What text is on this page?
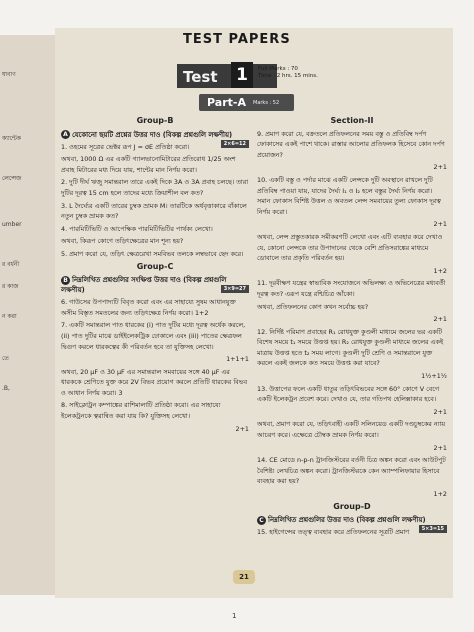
ষাবাণ
ক্যান্টেক
লেন্সেজ
umber
র বর্ধনী
র কাজ
ন করা
তে
.B,
TEST PAPERS
Test 1	Full Marks : 70
Time : 2 hrs. 15 mins.
Part-A Marks : 52
Group-B
A যেকোনো ছয়টি প্রশ্নের উত্তর দাও (বিকল্প প্রশ্নগুলি লক্ষণীয়)
2×6=12

1. ওহমের সূত্রের ভেক্টর রূপ J = σE প্রতিষ্ঠা করো।

অথবা, 1000 Ω এর একটি গ্যালভানোমিটারের প্রতিরোধ 1/25 অংশ প্রবাহ মিটারের মধ্য দিয়ে যায়, শান্টের মান নির্ণয় করো।

2. দুটি দীর্ঘ ঋজু সমান্তরাল তারে একই দিকে 3A ও 3A প্রবাহ চলছে। তারা দুটির দূরত্ব 15 cm হলে তাদের মধ্যে ক্রিয়াশীল বল কত?

3. L দৈর্ঘ্যের একটি তারের চুম্বক ভ্রামক M। তারটিকে অর্ধবৃত্তাকারে বাঁকালে নতুন চুম্বক ভ্রামক কত?

4. পারমিটিভিটি ও আপেক্ষিক পারমিটিভিটির পার্থক্য লেখো।

অথবা, কিরূপ কোণে তড়িৎক্ষেত্রের মান শূন্য হয়?

5. প্রমাণ করো যে, তড়িৎ ক্ষেত্ররেখা সমবিভব তলকে লম্বভাবে ছেদ করে।

Group-C
B নিম্নলিখিত প্রশ্নগুলির সংক্ষিপ্ত উত্তর দাও (বিকল্প প্রশ্নগুলি লক্ষণীয়)	3×9=27

6. গাউসের উপপাদ্যটি বিবৃত করো এবং এর সাহায্যে সুষম আধানযুক্ত অসীম বিস্তৃত সমতলের জন্য তড়িৎক্ষেত্র নির্ণয় করো। 1+2

7. একটি সমান্তরাল পাত ধারকের (i) পাত দুটির মধ্যে দূরত্ব অর্ধেক করলে, (ii) পাত দুটির মাঝে ডাইইলেকট্রিক ঢোকালে এবং (iii) পাতের ক্ষেত্রফল দ্বিগুণ করলে ধারকত্বের কী পরিবর্তন হবে তা যুক্তিসহ লেখো।

1+1+1

অথবা, 20 μF ও 30 μF এর সমান্তরাল সমবায়ের সঙ্গে 40 μF এর ধারককে শ্রেণিতে যুক্ত করে 2V বিভব প্রয়োগ করলে প্রতিটি ধারকের বিভব ও আধান নির্ণয় করো। 3

8. সাইক্লোট্রন কম্পাঙ্কের রাশিমালাটি প্রতিষ্ঠা করো। এর সাহায্যে ইলেকট্রনকে ত্বরান্বিত করা যায় কি? যুক্তিসহ লেখো।

2+1

21
Section-II

9. প্রমাণ করো যে, বক্রতলে প্রতিফলনের সময় বস্তু ও প্রতিবিম্ব দর্পণ ফোকাসের একই পাশে থাকে। রাস্তার আলোর প্রতিফলক হিসেবে কোন দর্পণ প্রয়োজন?

2+1

10. একটি বস্তু ও পর্দার মাঝে একটি লেন্সকে দুটি অবস্থানে রাখলে দুটি প্রতিবিম্ব পাওয়া যায়, যাদের দৈর্ঘ্য I₁ ও I₂ হলে বস্তুর দৈর্ঘ্য নির্ণয় করো। সমান ফোকাস বিশিষ্ট উত্তল ও অবতল লেন্স সমবায়ের তুল্য ফোকাস দূরত্ব নির্ণয় করো।

2+1

অথবা, লেন্স প্রস্তুতকারক সমীকরণটি লেখো এবং এটি ব্যবহার করে দেখাও যে, কোনো লেন্সকে তার উপাদানের থেকে বেশি প্রতিসরাঙ্কের মাধ্যমে ডোবালে তার প্রকৃতি পরিবর্তন হয়।

1+2

11. দূরবীক্ষণ যন্ত্রের স্বাভাবিক সংযোজনে অভিলক্ষ্য ও অভিনেত্রের মধ্যবর্তী দূরত্ব কত? এরূপ যন্ত্রে রশ্মিচিত্র আঁকো।

অথবা, প্রতিফলনের কোণ কখন সর্বোচ্চ হয়?

2+1

12. নির্দিষ্ট পরিমাণ প্রবাহের R₁ রোধযুক্ত কুণ্ডলী মাধ্যমে জলের ভর একটি বিশেষ সময়ে t₁ সময়ে উত্তপ্ত হয়। R₂ রোধযুক্ত কুণ্ডলী মাধ্যমে জলের একই মাত্রায় উত্তপ্ত হতে t₂ সময় লাগে। কুণ্ডলী দুটি শ্রেণি ও সমান্তরালে যুক্ত করলে একই জলকে কত সময়ে উত্তপ্ত করা যাবে?

1½+1½

13. উত্তাপের ফলে একটি ধাতুর তড়িৎবিভবের সঙ্গে 60° কোণে V বেগে একটি ইলেকট্রন প্রবেশ করে। দেখাও যে, তার গতিপথ হেলিক্সাকার হবে।

2+1

অথবা, প্রমাণ করো যে, তড়িৎবাহী একটি সলিনয়েড একটি দণ্ডচুম্বকের ন্যায় আচরণ করে। এক্ষেত্রে চৌম্বক ভ্রামক নির্ণয় করো।

2+1

14. CE মোডে n-p-n ট্রানজিস্টরের বর্তনী চিত্র অঙ্কন করো এবং আউটপুট বৈশিষ্ট্য লেখচিত্র অঙ্কন করো। ট্রানজিস্টরকে কেন অ্যাম্পলিফায়ার হিসাবে ব্যবহার করা হয়?

1+2

Group-D
C নিম্নলিখিত প্রশ্নগুলির উত্তর দাও (বিকল্প প্রশ্নগুলি লক্ষণীয়)
5×3=15

15. হাইগেন্সের তত্ত্ব ব্যবহার করে প্রতিফলনের সূত্রটি প্রমাণ

1
